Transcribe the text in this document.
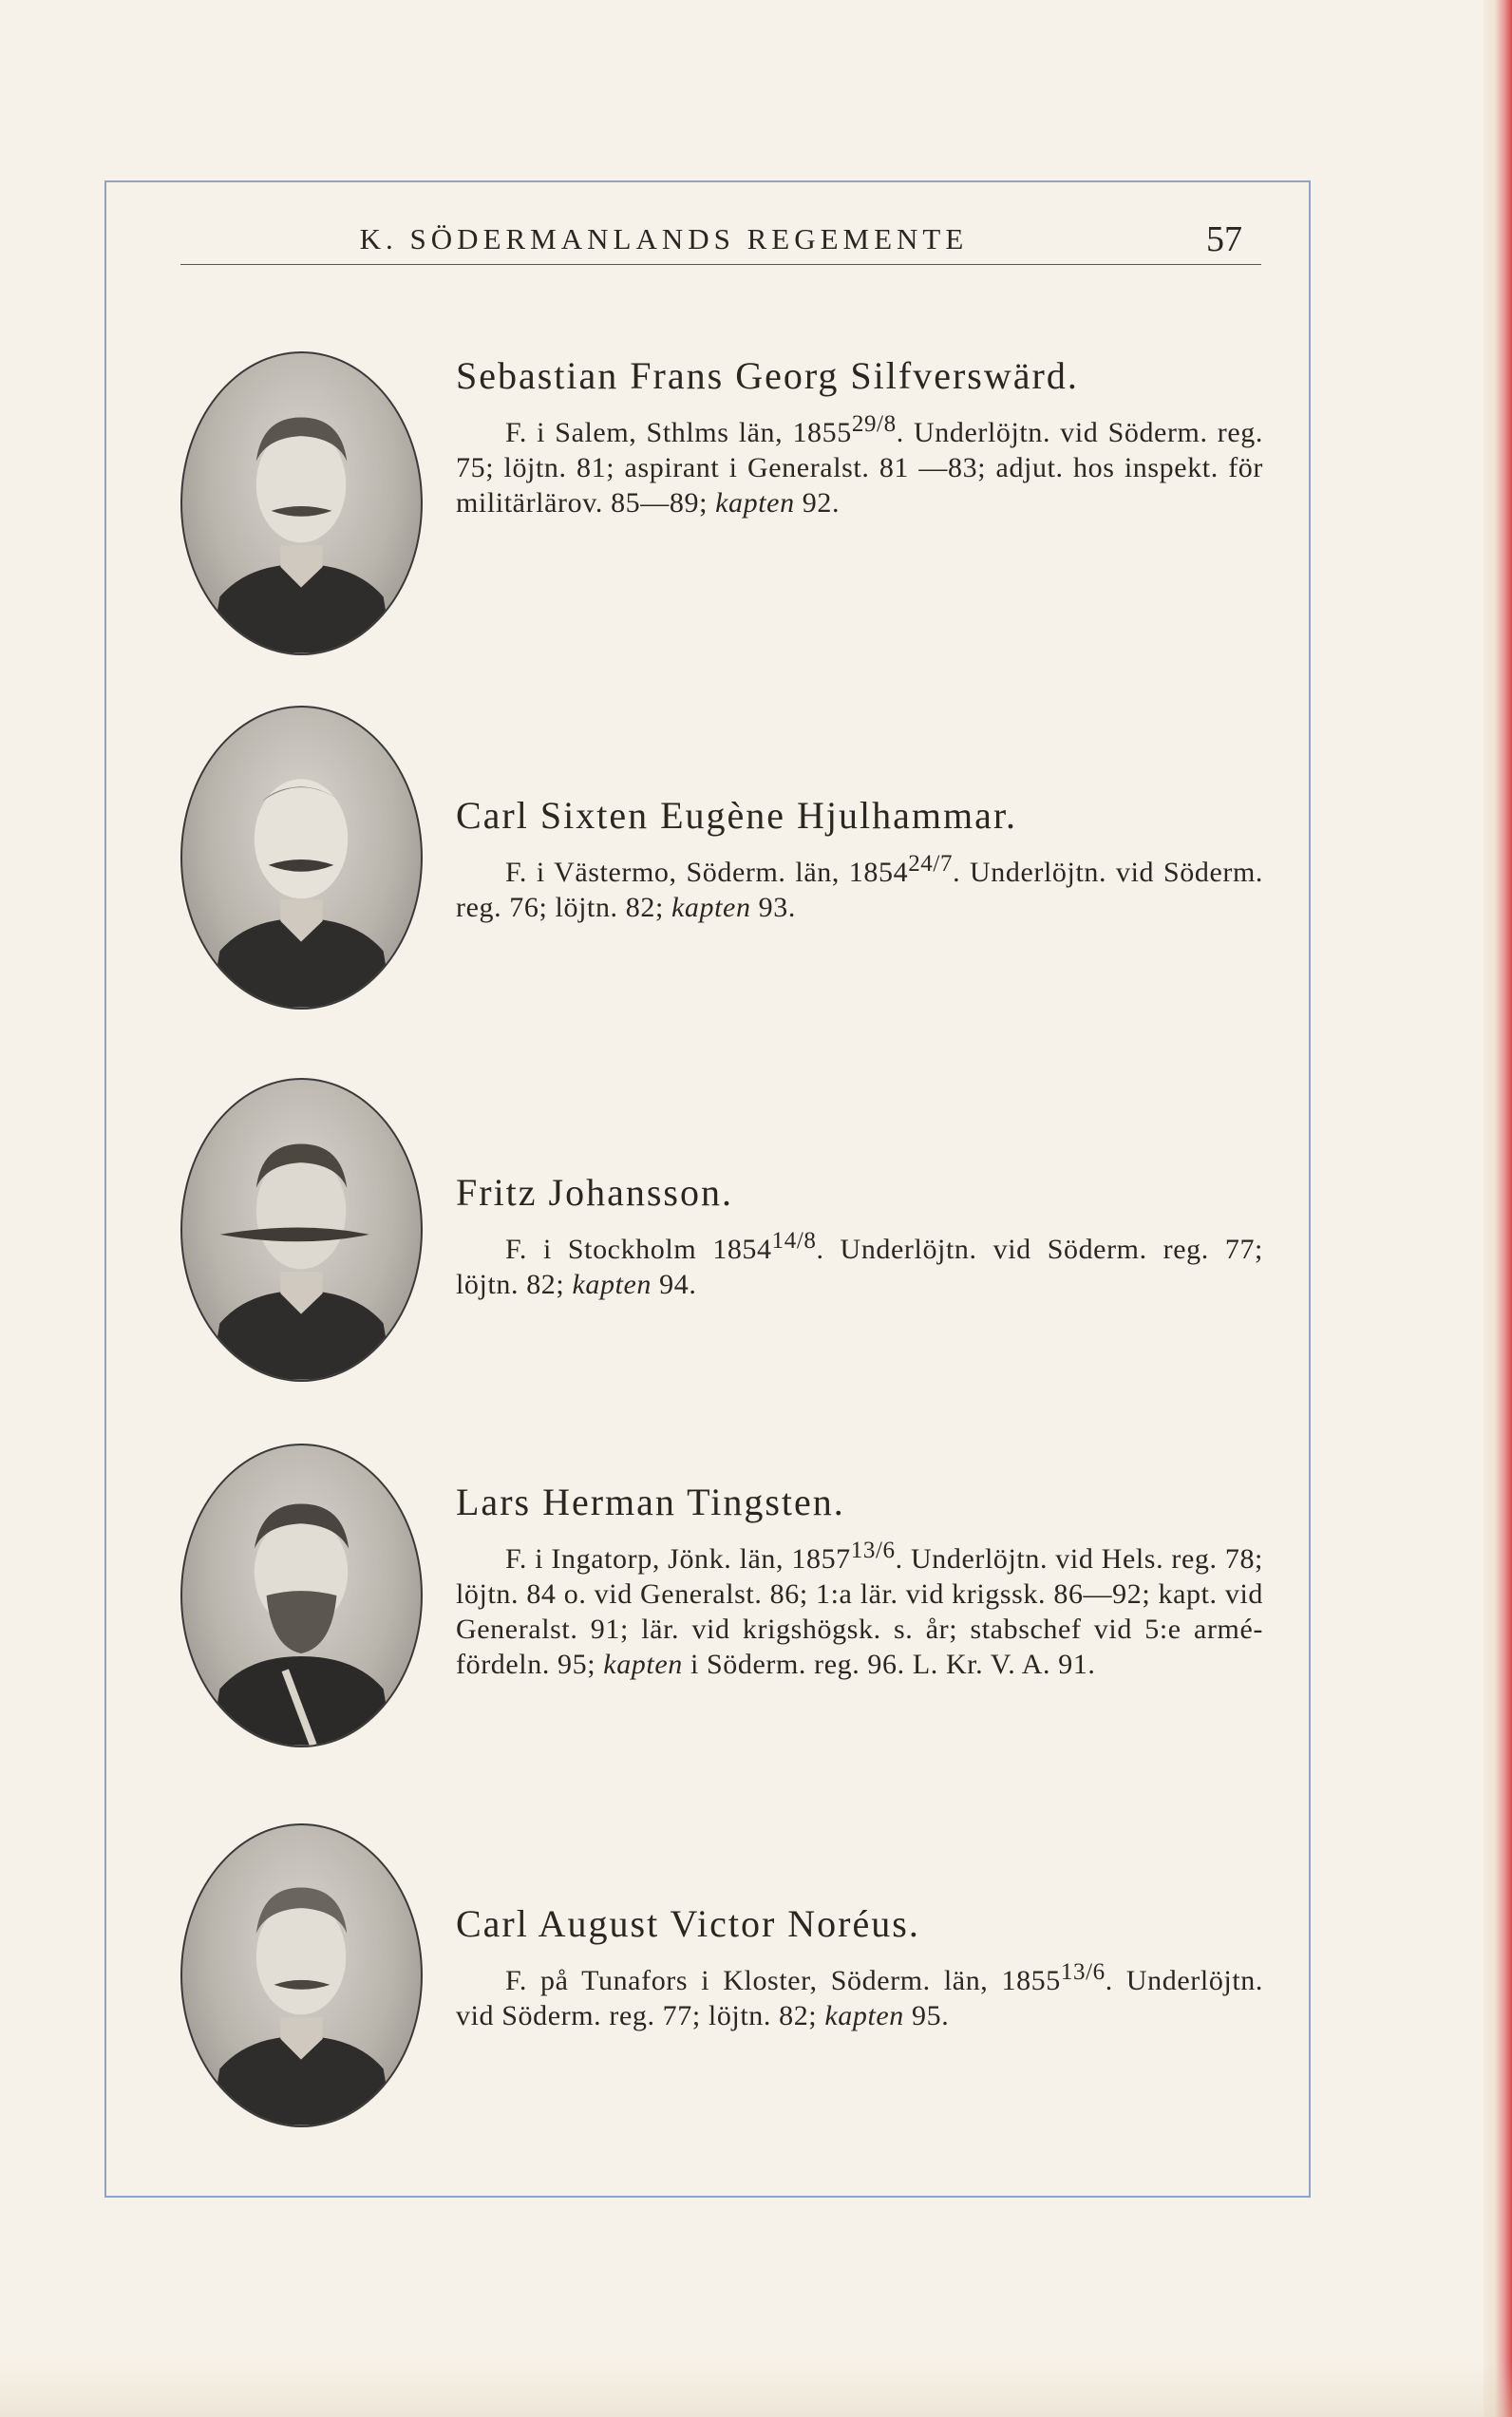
K. SÖDERMANLANDS REGEMENTE	57
Sebastian Frans Georg Silfverswärd.
F. i Salem, Sthlms län, $1855^{29/8}$. Underlöjtn. vid Söderm. reg. 75; löjtn. 81; aspirant i Generalst. 81 —83; adjut. hos inspekt. för militärlärov. 85—89; kapten 92.
Carl Sixten Eugène Hjulhammar.
F. i Västermo, Söderm. län, $1854^{24/7}$. Underlöjtn. vid Söderm. reg. 76; löjtn. 82; kapten 93.
Fritz Johansson.
F. i Stockholm $1854^{14/8}$. Underlöjtn. vid Söderm. reg. 77; löjtn. 82; kapten 94.
Lars Herman Tingsten.
F. i Ingatorp, Jönk. län, $1857^{13/6}$. Underlöjtn. vid Hels. reg. 78; löjtn. 84 o. vid Generalst. 86; 1:a lär. vid krigssk. 86—92; kapt. vid Generalst. 91; lär. vid krigshögsk. s. år; stabschef vid 5:e armé-fördeln. 95; kapten i Söderm. reg. 96. L. Kr. V. A. 91.
Carl August Victor Noréus.
F. på Tunafors i Kloster, Söderm. län, $1855^{13/6}$. Underlöjtn. vid Söderm. reg. 77; löjtn. 82; kapten 95.
